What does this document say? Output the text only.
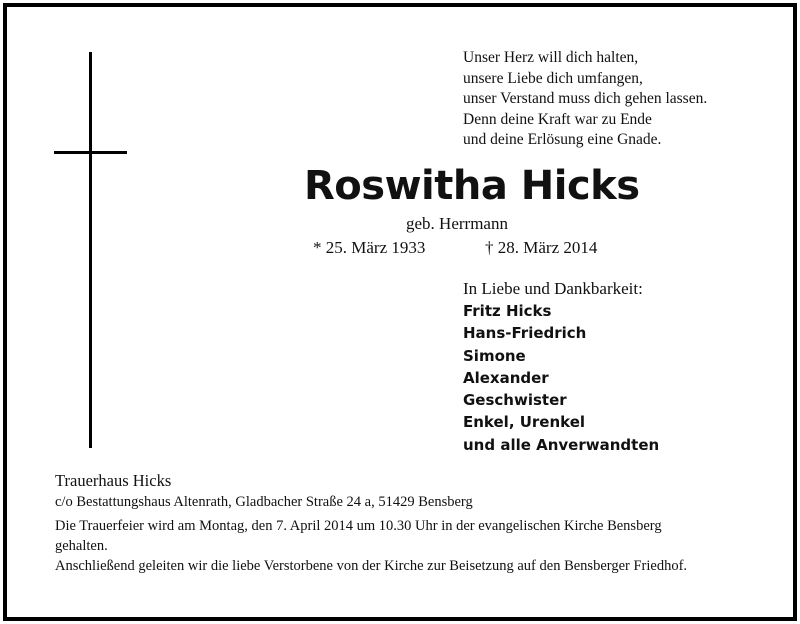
Unser Herz will dich halten,
unsere Liebe dich umfangen,
unser Verstand muss dich gehen lassen.
Denn deine Kraft war zu Ende
und deine Erlösung eine Gnade.
Roswitha Hicks
geb. Herrmann
* 25. März 1933	† 28. März 2014
In Liebe und Dankbarkeit:
Fritz Hicks
Hans-Friedrich
Simone
Alexander
Geschwister
Enkel, Urenkel
und alle Anverwandten
Trauerhaus Hicks
c/o Bestattungshaus Altenrath, Gladbacher Straße 24 a, 51429 Bensberg
Die Trauerfeier wird am Montag, den 7. April 2014 um 10.30 Uhr in der evangelischen Kirche Bensberg
gehalten.
Anschließend geleiten wir die liebe Verstorbene von der Kirche zur Beisetzung auf den Bensberger Friedhof.
